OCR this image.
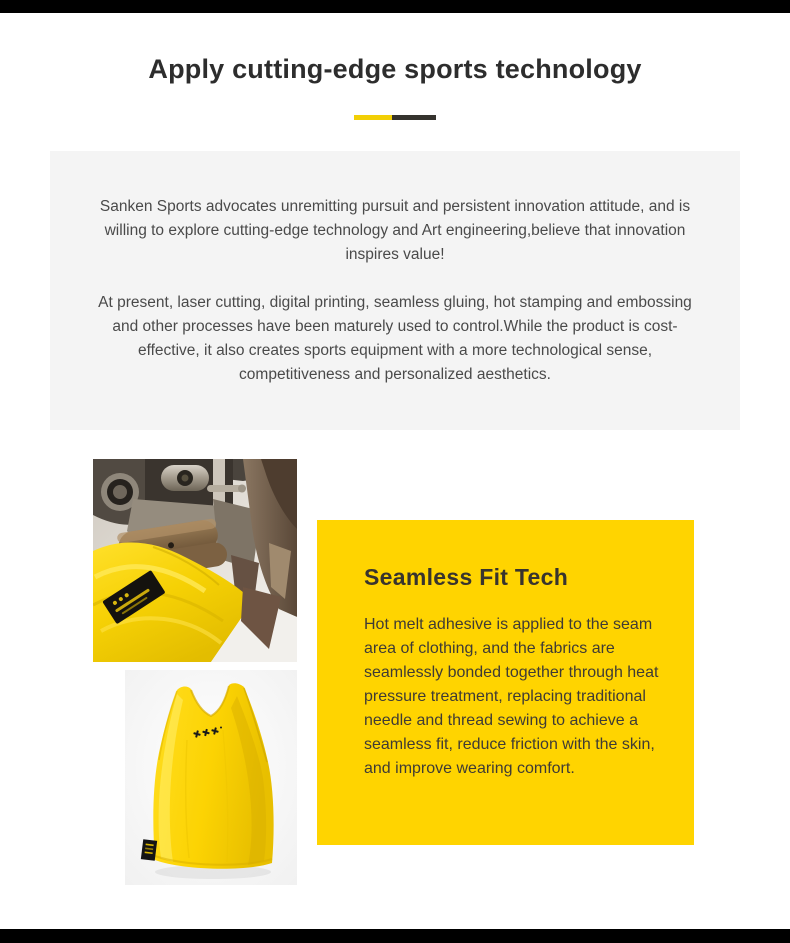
Apply cutting-edge sports technology

Sanken Sports advocates unremitting pursuit and persistent innovation attitude, and is willing to explore cutting-edge technology and Art engineering,believe that innovation inspires value!

At present, laser cutting, digital printing, seamless gluing, hot stamping and embossing and other processes have been maturely used to control.While the product is cost-effective, it also creates sports equipment with a more technological sense, competitiveness and personalized aesthetics.

Seamless Fit Tech

Hot melt adhesive is applied to the seam area of clothing, and the fabrics are seamlessly bonded together through heat pressure treatment, replacing traditional needle and thread sewing to achieve a seamless fit, reduce friction with the skin, and improve wearing comfort.
